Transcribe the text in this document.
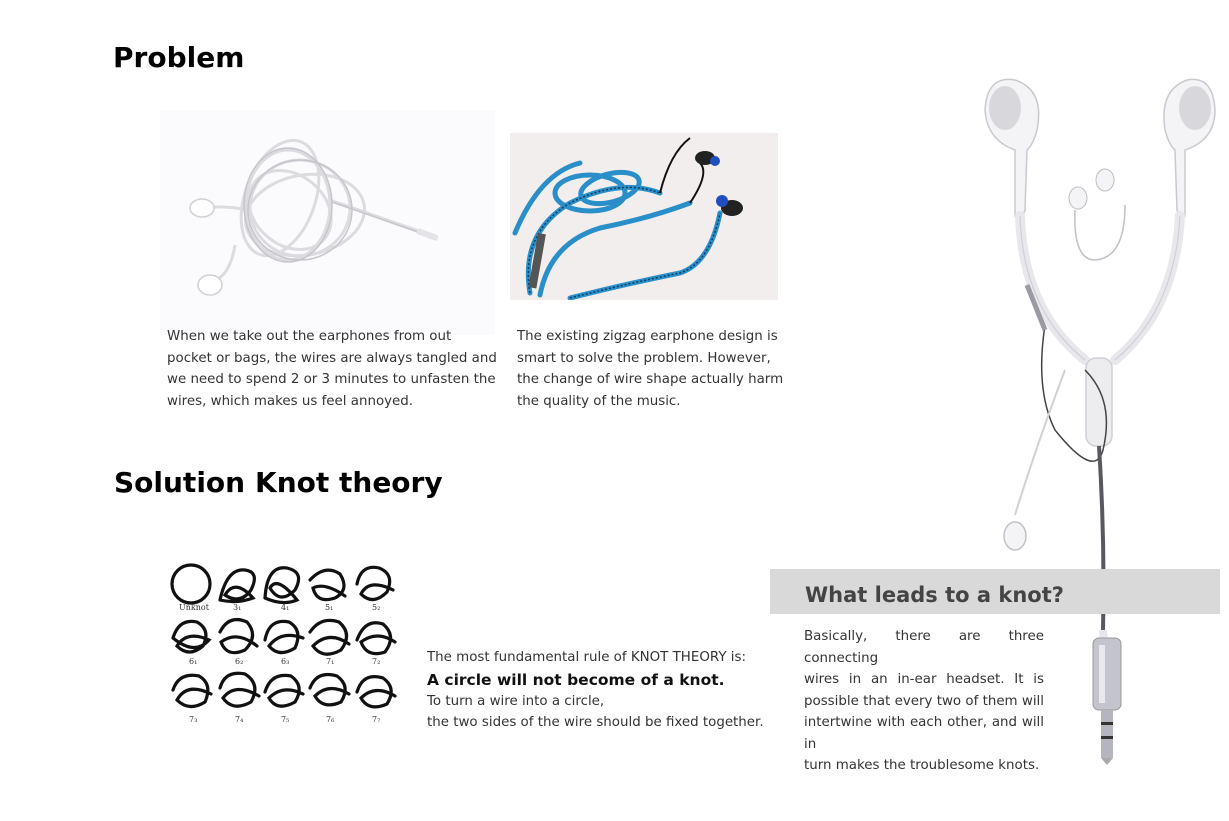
Problem
When we take out the earphones from out
pocket or bags, the wires are always tangled and
we need to spend 2 or 3 minutes to unfasten the
wires, which makes us feel annoyed.
The existing zigzag earphone design is
smart to solve the problem. However,
the change of wire shape actually harm
the quality of the music.
Solution Knot theory
Unknot	3₁	4₁	5₁	5₂
6₁	6₂	6₃	7₁	7₂
7₃	7₄	7₅	7₆	7₇
The most fundamental rule of KNOT THEORY is:
A circle will not become of a knot.
To turn a wire into a circle,
the two sides of the wire should be fixed together.
What leads to a knot?
Basically, there are three connecting
wires in an in-ear headset. It is
possible that every two of them will
intertwine with each other, and will in
turn makes the troublesome knots.
